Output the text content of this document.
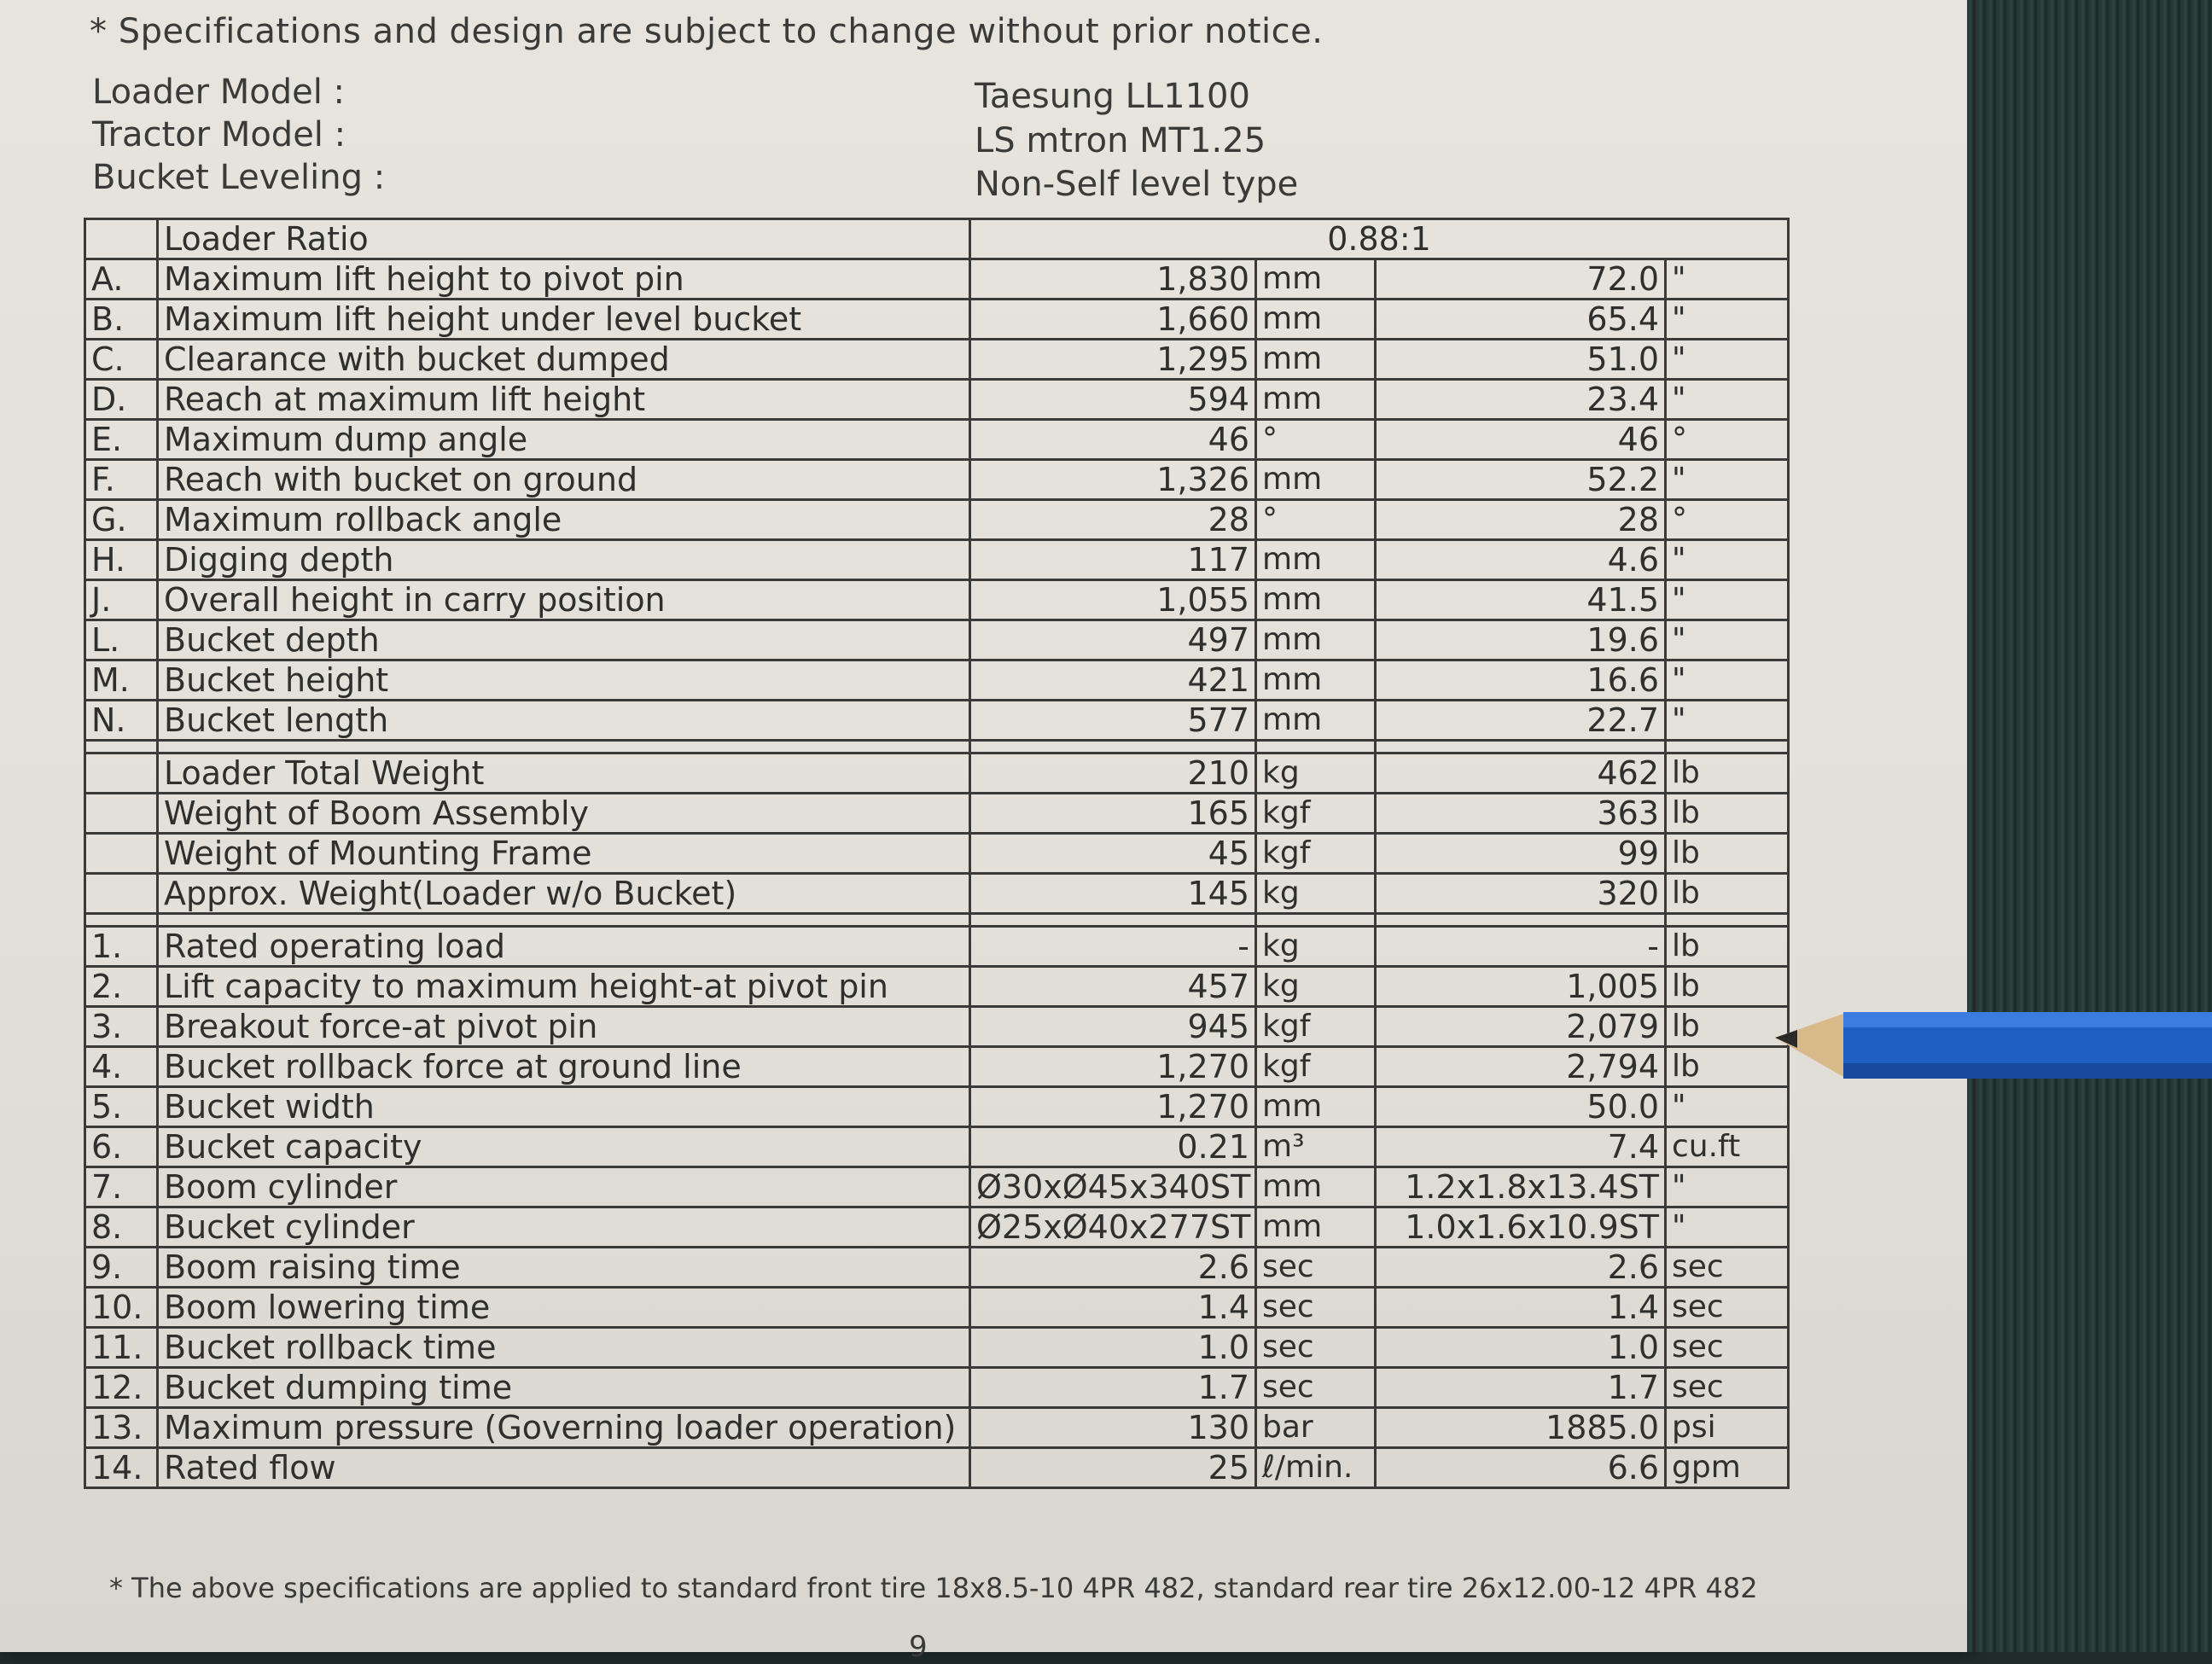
* Specifications and design are subject to change without prior notice.
Loader Model :	Taesung LL1100
Tractor Model :	LS mtron MT1.25
Bucket Leveling :	Non-Self level type
	Loader Ratio	0.88:1			
A.	Maximum lift height to pivot pin	1,830	mm	72.0	"
B.	Maximum lift height under level bucket	1,660	mm	65.4	"
C.	Clearance with bucket dumped	1,295	mm	51.0	"
D.	Reach at maximum lift height	594	mm	23.4	"
E.	Maximum dump angle	46	°	46	°
F.	Reach with bucket on ground	1,326	mm	52.2	"
G.	Maximum rollback angle	28	°	28	°
H.	Digging depth	117	mm	4.6	"
J.	Overall height in carry position	1,055	mm	41.5	"
L.	Bucket depth	497	mm	19.6	"
M.	Bucket height	421	mm	16.6	"
N.	Bucket length	577	mm	22.7	"

	Loader Total Weight	210	kg	462	lb
	Weight of Boom Assembly	165	kgf	363	lb
	Weight of Mounting Frame	45	kgf	99	lb
	Approx. Weight(Loader w/o Bucket)	145	kg	320	lb

1.	Rated operating load	-	kg	-	lb
2.	Lift capacity to maximum height-at pivot pin	457	kg	1,005	lb
3.	Breakout force-at pivot pin	945	kgf	2,079	lb
4.	Bucket rollback force at ground line	1,270	kgf	2,794	lb
5.	Bucket width	1,270	mm	50.0	"
6.	Bucket capacity	0.21	m³	7.4	cu.ft
7.	Boom cylinder	Ø30xØ45x340ST	mm	1.2x1.8x13.4ST	"
8.	Bucket cylinder	Ø25xØ40x277ST	mm	1.0x1.6x10.9ST	"
9.	Boom raising time	2.6	sec	2.6	sec
10.	Boom lowering time	1.4	sec	1.4	sec
11.	Bucket rollback time	1.0	sec	1.0	sec
12.	Bucket dumping time	1.7	sec	1.7	sec
13.	Maximum pressure (Governing loader operation)	130	bar	1885.0	psi
14.	Rated flow	25	ℓ/min.	6.6	gpm
* The above specifications are applied to standard front tire 18x8.5-10 4PR 482, standard rear tire 26x12.00-12 4PR 482
9
